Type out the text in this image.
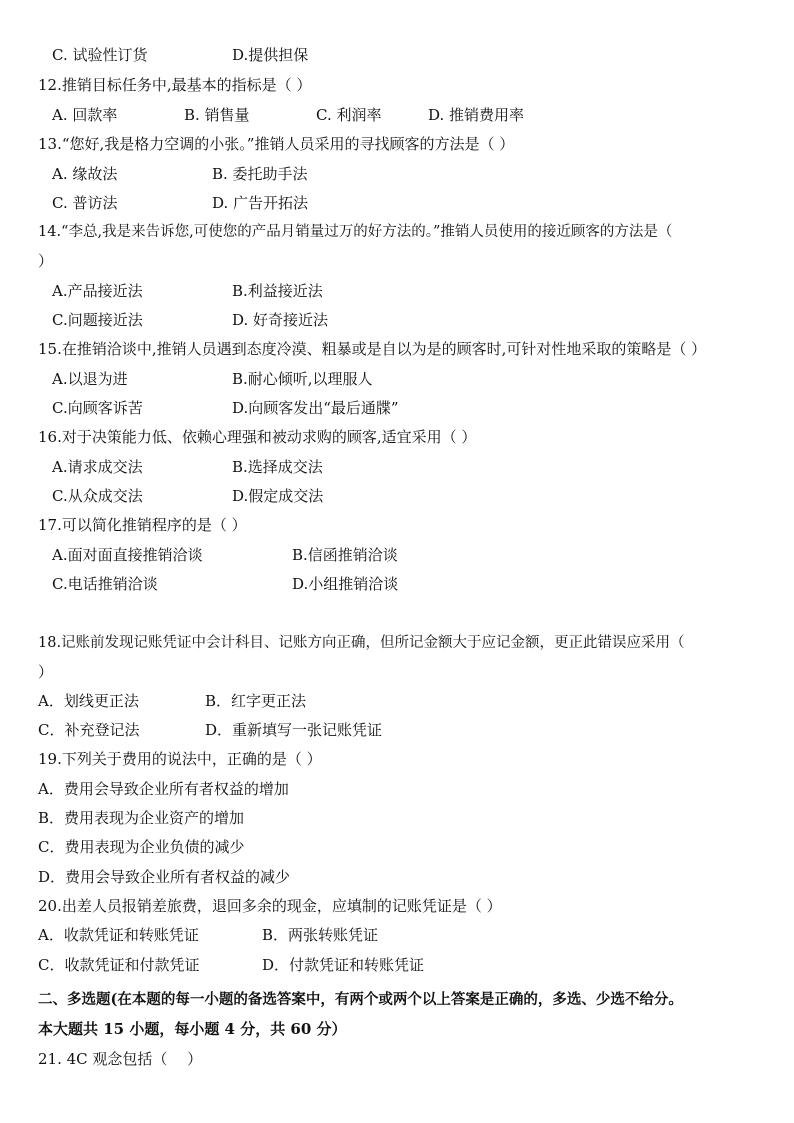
C. 试验性订货	D.提供担保
12.推销目标任务中,最基本的指标是（ ）
A. 回款率	B. 销售量	C. 利润率	D. 推销费用率
13.“您好,我是格力空调的小张。”推销人员采用的寻找顾客的方法是（ ）
A. 缘故法	B. 委托助手法
C. 普访法	D. 广告开拓法
14.“李总,我是来告诉您,可使您的产品月销量过万的好方法的。”推销人员使用的接近顾客的方法是（
）
A.产品接近法	B.利益接近法
C.问题接近法	D. 好奇接近法
15.在推销洽谈中,推销人员遇到态度冷漠、粗暴或是自以为是的顾客时,可针对性地采取的策略是（ ）
A.以退为进	B.耐心倾听,以理服人
C.向顾客诉苦	D.向顾客发出“最后通牒”
16.对于决策能力低、依赖心理强和被动求购的顾客,适宜采用（ ）
A.请求成交法	B.选择成交法
C.从众成交法	D.假定成交法
17.可以简化推销程序的是（ ）
A.面对面直接推销洽谈	B.信函推销洽谈
C.电话推销洽谈	D.小组推销洽谈
18.记账前发现记账凭证中会计科目、记账方向正确，但所记金额大于应记金额，更正此错误应采用（
）
A．划线更正法	B．红字更正法
C．补充登记法	D．重新填写一张记账凭证
19.下列关于费用的说法中，正确的是（ ）
A．费用会导致企业所有者权益的增加
B．费用表现为企业资产的增加
C．费用表现为企业负债的减少
D．费用会导致企业所有者权益的减少
20.出差人员报销差旅费，退回多余的现金，应填制的记账凭证是（ ）
A．收款凭证和转账凭证	B．两张转账凭证
C．收款凭证和付款凭证	D．付款凭证和转账凭证
二、多选题(在本题的每一小题的备选答案中，有两个或两个以上答案是正确的，多选、少选不给分。
本大题共 15 小题，每小题 4 分，共 60 分）
21. 4C 观念包括（　 ）
